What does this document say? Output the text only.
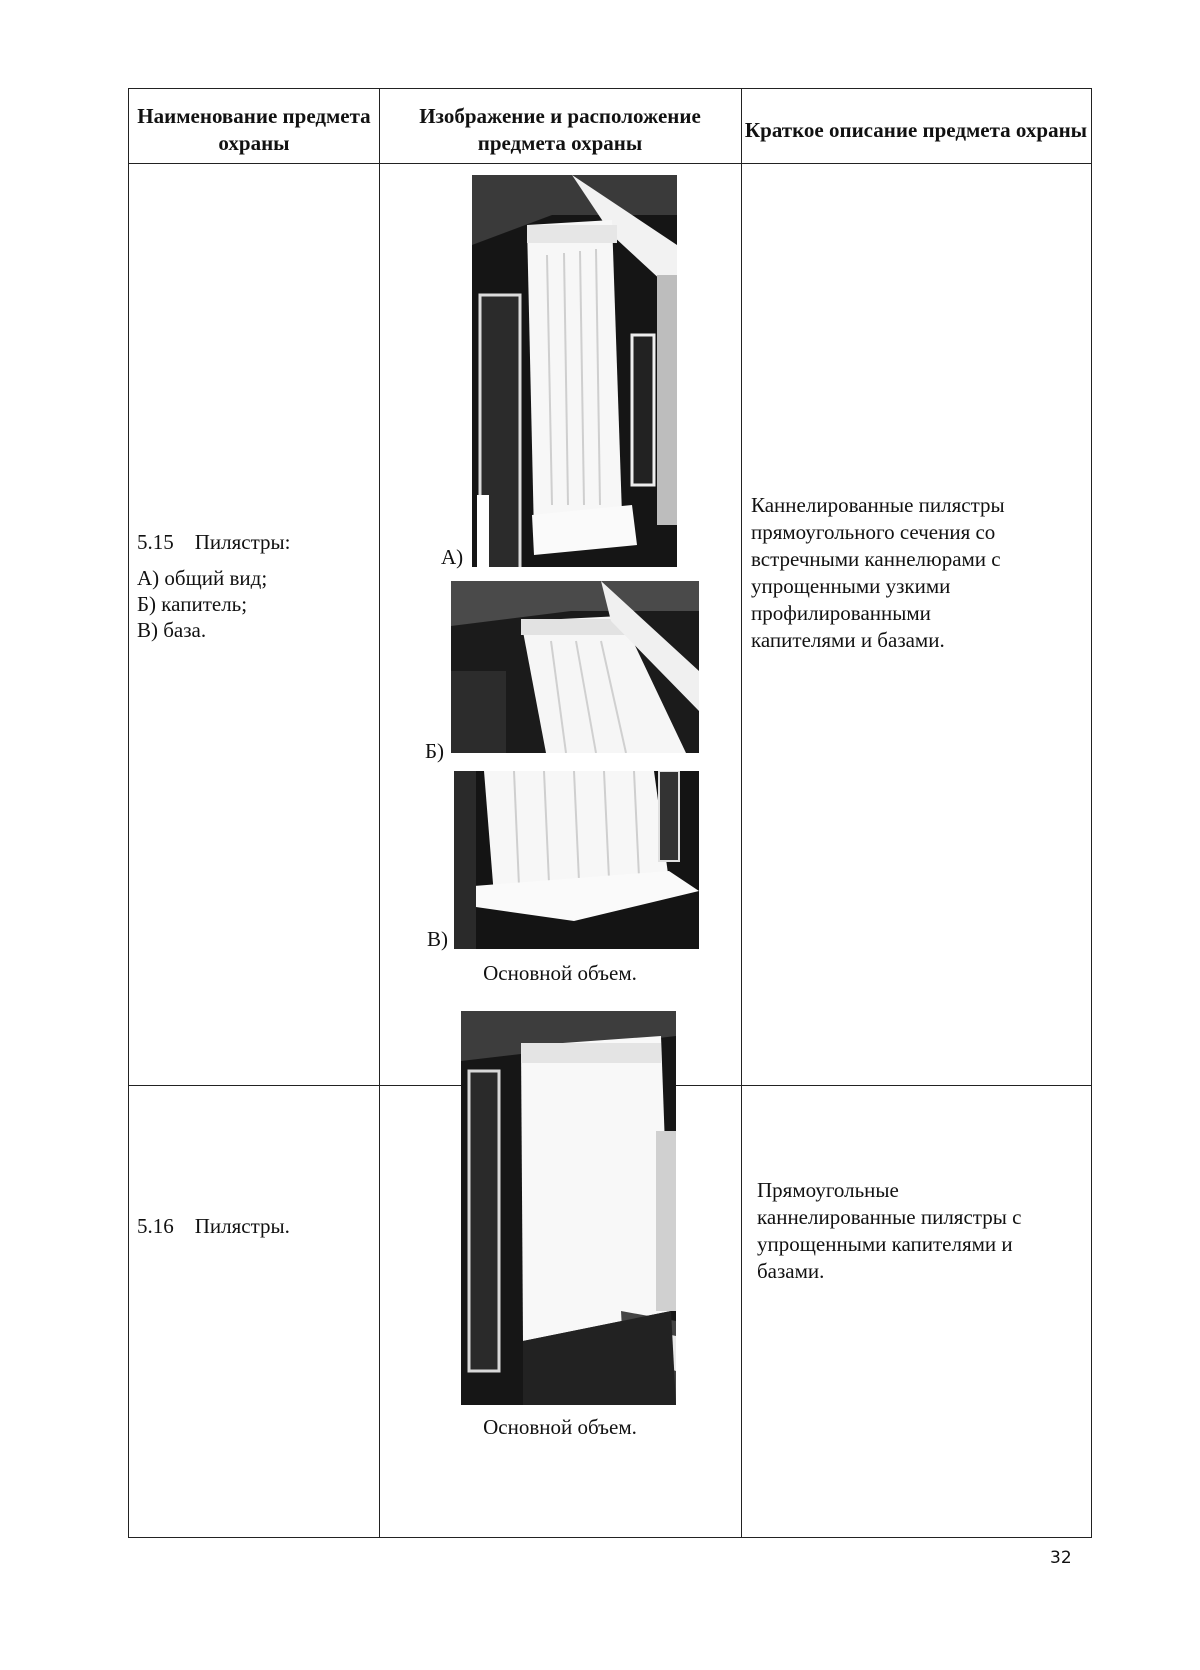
Наименование предмета охраны
Изображение и расположение предмета охраны
Краткое описание предмета охраны
5.15 Пилястры:
А) общий вид;
Б) капитель;
В) база.
А)
Б)
В)
Основной объем.
Каннелированные пилястры прямоугольного сечения со встречными каннелюрами с упрощенными узкими профилированными капителями и базами.
5.16 Пилястры.
Основной объем.
Прямоугольные каннелированные пилястры с упрощенными капителями и базами.
32
